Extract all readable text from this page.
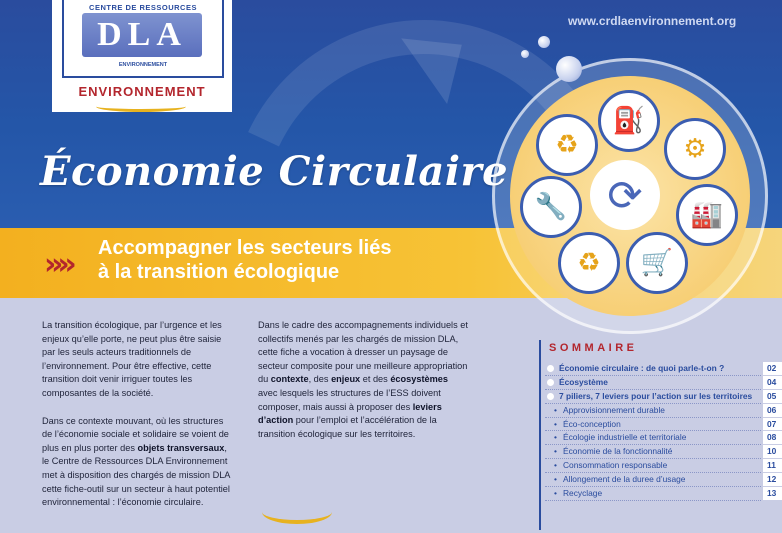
CENTRE DE RESSOURCES
DLA
ENVIRONNEMENT
ENVIRONNEMENT
www.crdlaenvironnement.org
Économie Circulaire
»» Accompagner les secteurs liés
à la transition écologique
⛽
⚙
🏭
🛒
♻
🔧
♻
⟳

La transition écologique, par l’urgence et les enjeux qu’elle porte, ne peut plus être saisie par les seuls acteurs traditionnels de l’environnement. Pour être effective, cette transition doit venir irriguer toutes les composantes de la société.

Dans ce contexte mouvant, où les structures de l’économie sociale et solidaire se voient de plus en plus porter des objets transversaux, le Centre de Ressources DLA Environnement met à disposition des chargés de mission DLA cette fiche-outil sur un secteur à haut potentiel environnemental : l’économie circulaire.

Dans le cadre des accompagnements individuels et collectifs menés par les chargés de mission DLA, cette fiche a vocation à dresser un paysage de secteur composite pour une meilleure appropriation du contexte, des enjeux et des écosystèmes avec lesquels les structures de l’ESS doivent composer, mais aussi à proposer des leviers d’action pour l’emploi et l’accélération de la transition écologique sur les territoires.

SOMMAIRE
Économie circulaire : de quoi parle-t-on ?
Écosystème
7 piliers, 7 leviers pour l’action sur les territoires
• Approvisionnement durable
• Éco-conception
• Écologie industrielle et territoriale
• Économie de la fonctionnalité
• Consommation responsable
• Allongement de la duree d’usage
• Recyclage
02
04
05
06
07
08
10
11
12
13
